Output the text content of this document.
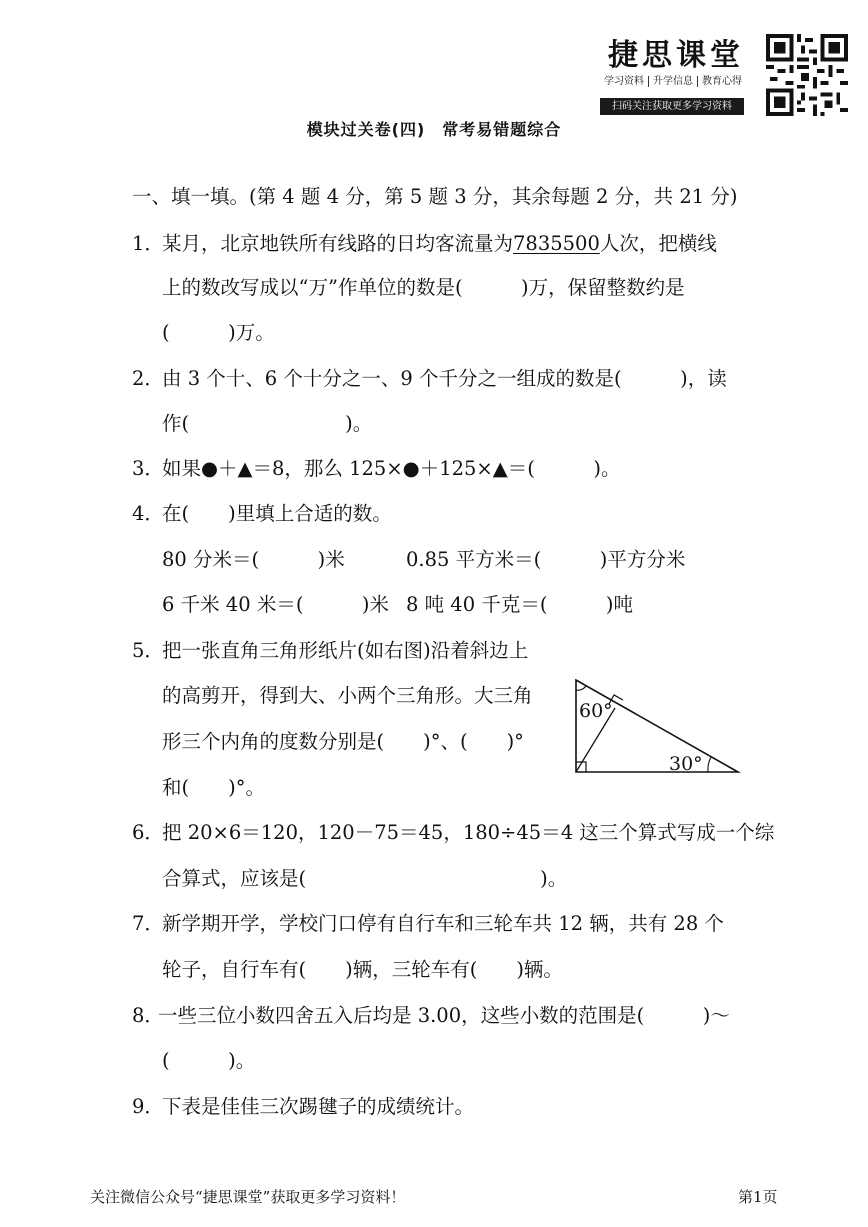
捷思课堂
学习资料 升学信息 教育心得
扫码关注获取更多学习资料
模块过关卷(四)　常考易错题综合
一、填一填。(第 4 题 4 分，第 5 题 3 分，其余每题 2 分，共 21 分)
1．
某月，北京地铁所有线路的日均客流量为7835500人次，把横线
上的数改写成以“万”作单位的数是(　　　)万，保留整数约是
(　　　)万。
2．
由 3 个十、6 个十分之一、9 个千分之一组成的数是(　　　)，读
作(　　　　　　　　)。
3．
如果●＋▲＝8，那么 125×●＋125×▲＝(　　　)。
4．
在(　　)里填上合适的数。
80 分米＝(　　　)米	0.85 平方米＝(　　　)平方分米
6 千米 40 米＝(　　　)米 8 吨 40 千克＝(　　　)吨
5．
把一张直角三角形纸片(如右图)沿着斜边上
的高剪开，得到大、小两个三角形。大三角
形三个内角的度数分别是(　　)°、(　　)°
和(　　)°。
60°
30°
6．
把 20×6＝120，120－75＝45，180÷45＝4 这三个算式写成一个综
合算式，应该是(　　　　　　　　　　　　)。
7．
新学期开学，学校门口停有自行车和三轮车共 12 辆，共有 28 个
轮子，自行车有(　　)辆，三轮车有(　　)辆。
8．
一些三位小数四舍五入后均是 3.00，这些小数的范围是(　　　)～
(　　　)。
9．
下表是佳佳三次踢毽子的成绩统计。
关注微信公众号“捷思课堂”获取更多学习资料！	第1页
